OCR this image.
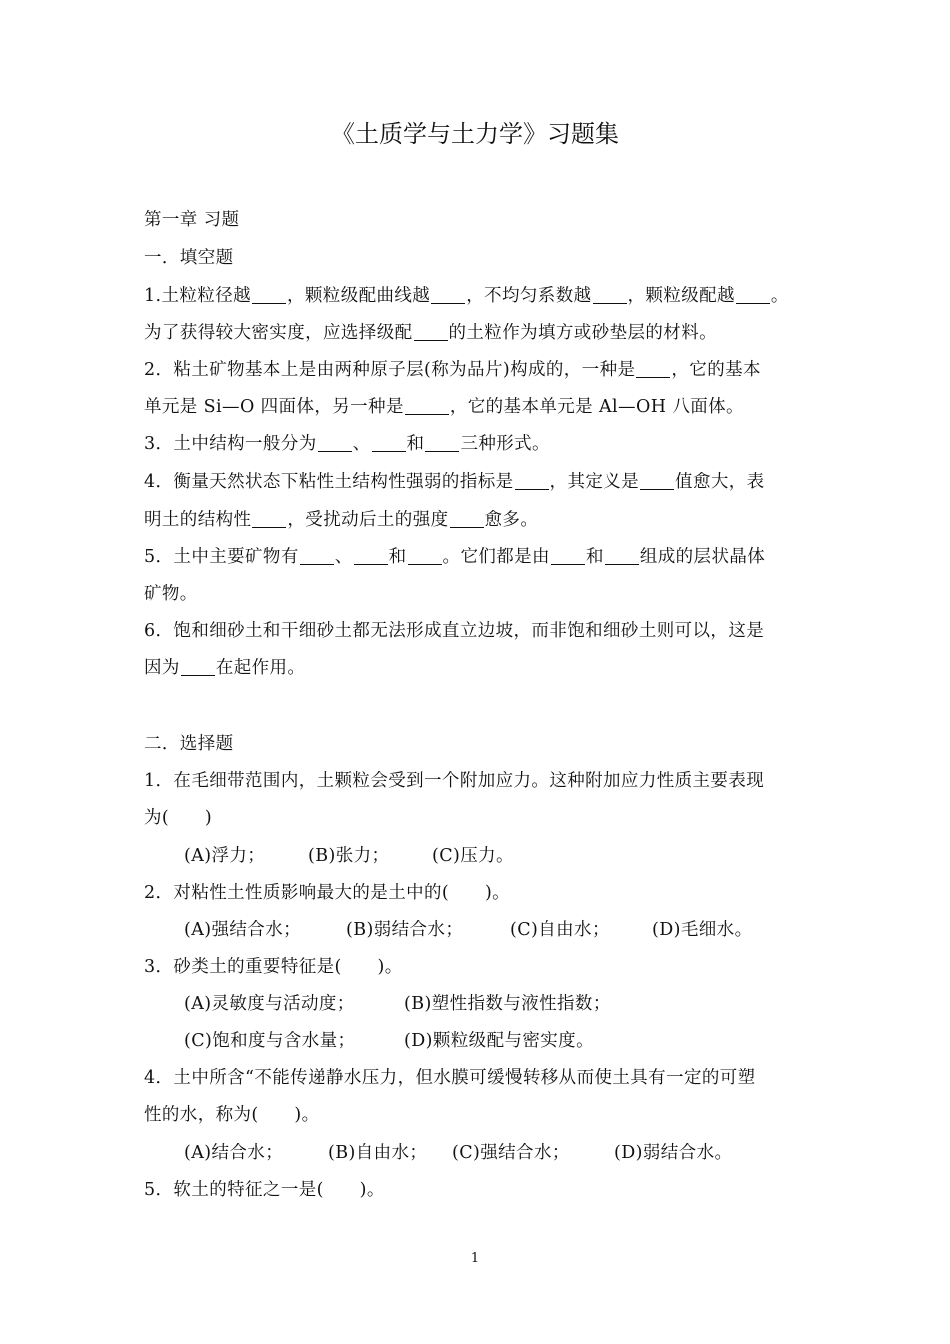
《土质学与土力学》习题集
第一章 习题
一．填空题
1.土粒粒径越 ，颗粒级配曲线越 ，不均匀系数越 ，颗粒级配越 。
为了获得较大密实度，应选择级配 的土粒作为填方或砂垫层的材料。
2．粘土矿物基本上是由两种原子层(称为品片)构成的，一种是 ，它的基本
单元是 Si—O 四面体，另一种是	，它的基本单元是 Al—OH 八面体。
3．土中结构一般分为 、 和 三种形式。
4．衡量天然状态下粘性土结构性强弱的指标是 ，其定义是 值愈大，表
明土的结构性 ，受扰动后土的强度 愈多。
5．土中主要矿物有 、 和 。它们都是由 和 组成的层状晶体
矿物。
6．饱和细砂土和干细砂土都无法形成直立边坡，而非饱和细砂土则可以，这是
因为 在起作用。
二．选择题
1．在毛细带范围内，土颗粒会受到一个附加应力。这种附加应力性质主要表现
为(　　)
(A)浮力； (B)张力； (C)压力。
2．对粘性土性质影响最大的是土中的(　　)。
(A)强结合水；	(B)弱结合水；	(C)自由水； (D)毛细水。
3．砂类土的重要特征是(　　)。
(A)灵敏度与活动度；	(B)塑性指数与液性指数；
(C)饱和度与含水量；	(D)颗粒级配与密实度。
4．土中所含“不能传递静水压力，但水膜可缓慢转移从而使土具有一定的可塑
性的水，称为(　　)。
(A)结合水；	(B)自由水； (C)强结合水；	(D)弱结合水。
5．软土的特征之一是(　　)。
1
